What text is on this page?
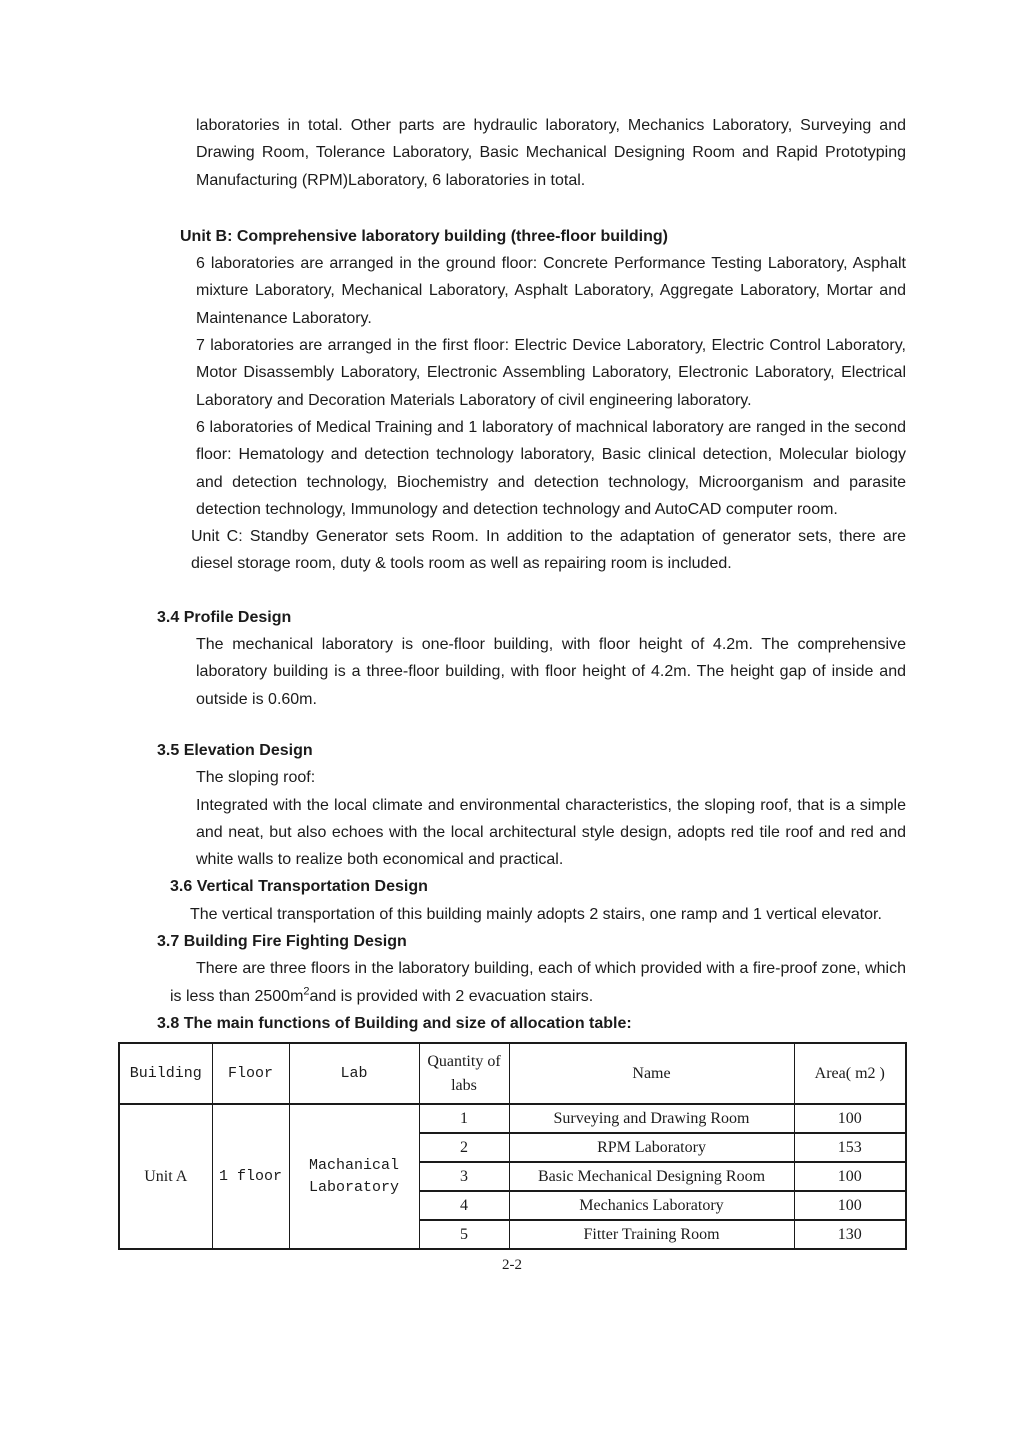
laboratories in total. Other parts are hydraulic laboratory, Mechanics Laboratory, Surveying and Drawing Room, Tolerance Laboratory, Basic Mechanical Designing Room and Rapid Prototyping Manufacturing (RPM)Laboratory, 6 laboratories in total.

Unit B: Comprehensive laboratory building (three-floor building)

6 laboratories are arranged in the ground floor: Concrete Performance Testing Laboratory, Asphalt mixture Laboratory, Mechanical Laboratory, Asphalt Laboratory, Aggregate Laboratory, Mortar and Maintenance Laboratory.

7 laboratories are arranged in the first floor: Electric Device Laboratory, Electric Control Laboratory, Motor Disassembly Laboratory, Electronic Assembling Laboratory, Electronic Laboratory, Electrical Laboratory and Decoration Materials Laboratory of civil engineering laboratory.

6 laboratories of Medical Training and 1 laboratory of machnical laboratory are ranged in the second floor: Hematology and detection technology laboratory, Basic clinical detection, Molecular biology and detection technology, Biochemistry and detection technology, Microorganism and parasite detection technology, Immunology and detection technology and AutoCAD computer room.

Unit C: Standby Generator sets Room. In addition to the adaptation of generator sets, there are diesel storage room, duty & tools room as well as repairing room is included.

3.4 Profile Design

The mechanical laboratory is one-floor building, with floor height of 4.2m. The comprehensive laboratory building is a three-floor building, with floor height of 4.2m. The height gap of inside and outside is 0.60m.

3.5 Elevation Design

The sloping roof:

Integrated with the local climate and environmental characteristics, the sloping roof, that is a simple and neat, but also echoes with the local architectural style design, adopts red tile roof and red and white walls to realize both economical and practical.

3.6 Vertical Transportation Design

The vertical transportation of this building mainly adopts 2 stairs, one ramp and 1 vertical elevator.

3.7 Building Fire Fighting Design

There are three floors in the laboratory building, each of which provided with a fire-proof zone, which is less than $2500m^2and$ is provided with 2 evacuation stairs.

3.8 The main functions of Building and size of allocation table:
Building	Floor	Lab	Quantity of labs	Name	Area( m2 )
Unit A	1 floor	Machanical Laboratory	1	Surveying and Drawing Room	100
			2	RPM Laboratory	153
			3	Basic Mechanical Designing Room	100
			4	Mechanics Laboratory	100
			5	Fitter Training Room	130
2-2
